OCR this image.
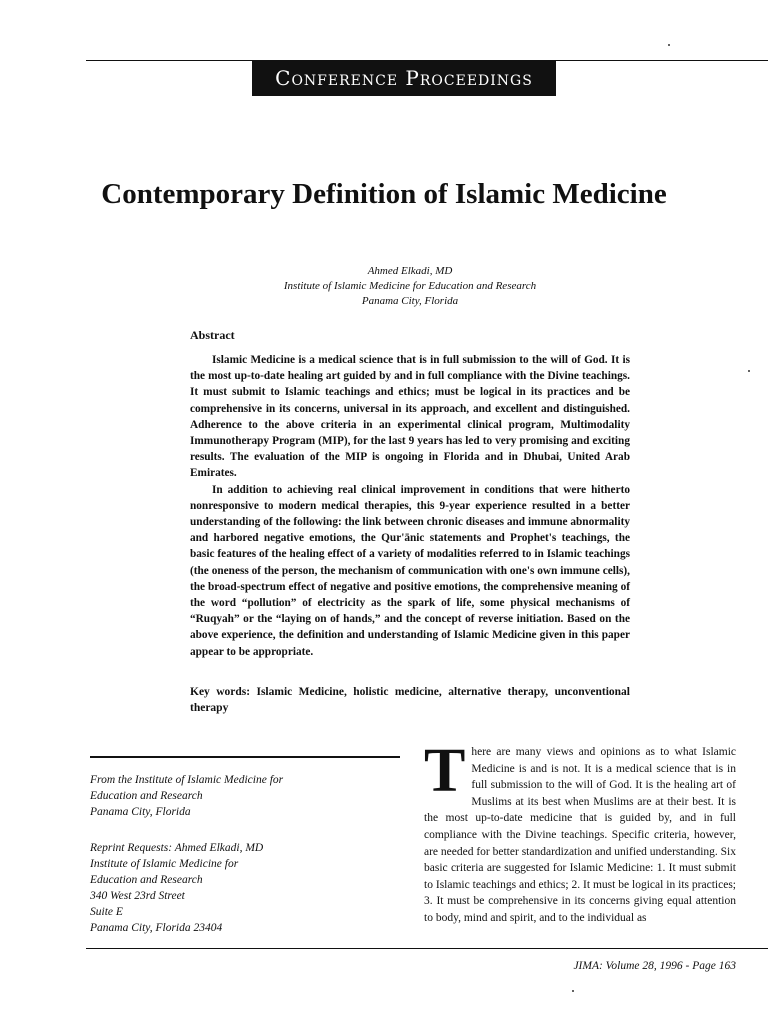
Conference Proceedings
Contemporary Definition of Islamic Medicine
Ahmed Elkadi, MD
Institute of Islamic Medicine for Education and Research
Panama City, Florida
Abstract

Islamic Medicine is a medical science that is in full submission to the will of God. It is the most up-to-date healing art guided by and in full compliance with the Divine teachings. It must submit to Islamic teachings and ethics; must be logical in its practices and be comprehensive in its concerns, universal in its approach, and excellent and distinguished. Adherence to the above criteria in an experimental clinical program, Multimodality Immunotherapy Program (MIP), for the last 9 years has led to very promising and exciting results. The evaluation of the MIP is ongoing in Florida and in Dhubai, United Arab Emirates.

In addition to achieving real clinical improvement in conditions that were hitherto nonresponsive to modern medical therapies, this 9-year experience resulted in a better understanding of the following: the link between chronic diseases and immune abnormality and harbored negative emotions, the Qur'ānic statements and Prophet's teachings, the basic features of the healing effect of a variety of modalities referred to in Islamic teachings (the oneness of the person, the mechanism of communication with one's own immune cells), the broad-spectrum effect of negative and positive emotions, the comprehensive meaning of the word “pollution” of electricity as the spark of life, some physical mechanisms of “Ruqyah” or the “laying on of hands,” and the concept of reverse initiation. Based on the above experience, the definition and understanding of Islamic Medicine given in this paper appear to be appropriate.

Key words: Islamic Medicine, holistic medicine, alternative therapy, unconventional therapy

From the Institute of Islamic Medicine for

Education and Research

Panama City, Florida

Reprint Requests: Ahmed Elkadi, MD

Institute of Islamic Medicine for

Education and Research

340 West 23rd Street

Suite E

Panama City, Florida 23404

There are many views and opinions as to what Islamic Medicine is and is not. It is a medical science that is in full submission to the will of God. It is the healing art of Muslims at its best when Muslims are at their best. It is the most up-to-date medicine that is guided by, and in full compliance with the Divine teachings. Specific criteria, however, are needed for better standardization and unified understanding. Six basic criteria are suggested for Islamic Medicine: 1. It must submit to Islamic teachings and ethics; 2. It must be logical in its practices; 3. It must be comprehensive in its concerns giving equal attention to body, mind and spirit, and to the individual as
JIMA: Volume 28, 1996 - Page 163
